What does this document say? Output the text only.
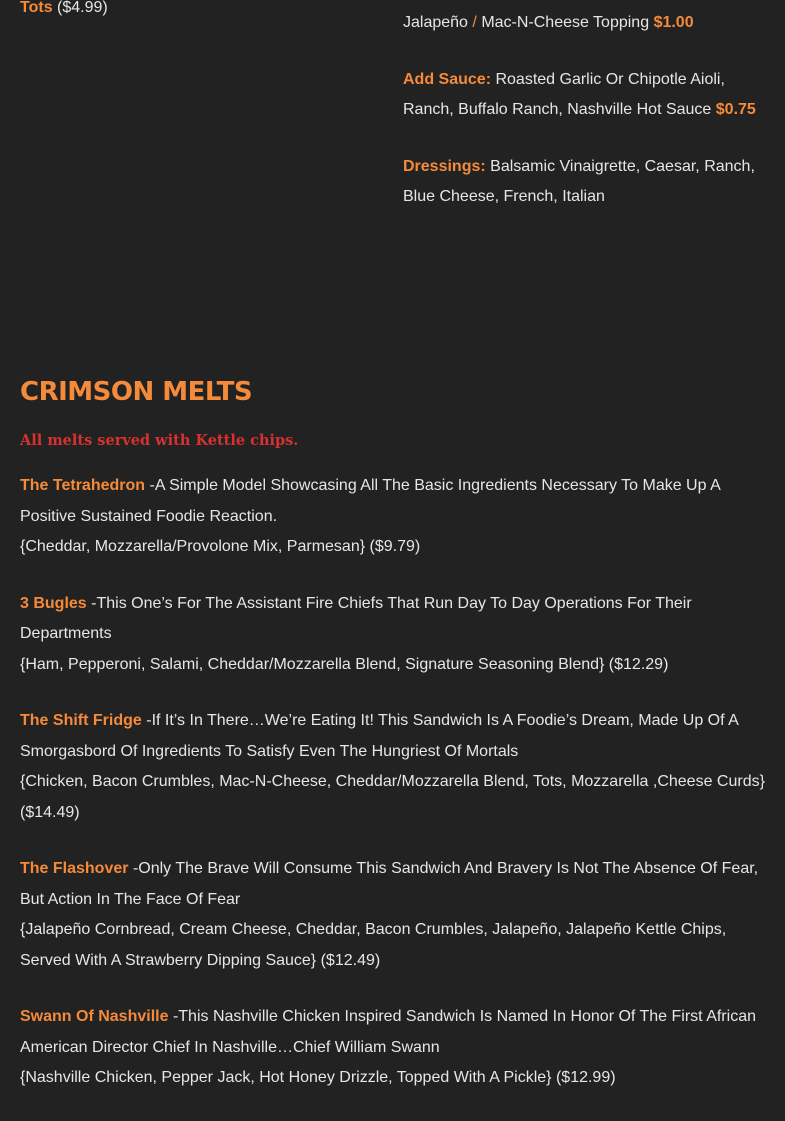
Tots ($4.99)

Jalapeño / Mac-N-Cheese Topping $1.00

Add Sauce: Roasted Garlic Or Chipotle Aioli, Ranch, Buffalo Ranch, Nashville Hot Sauce $0.75

Dressings: Balsamic Vinaigrette, Caesar, Ranch, Blue Cheese, French, Italian

CRIMSON MELTS

All melts served with Kettle chips.

The Tetrahedron -A Simple Model Showcasing All The Basic Ingredients Necessary To Make Up A Positive Sustained Foodie Reaction.
{Cheddar, Mozzarella/Provolone Mix, Parmesan} ($9.79)
3 Bugles -This One’s For The Assistant Fire Chiefs That Run Day To Day Operations For Their Departments
{Ham, Pepperoni, Salami, Cheddar/Mozzarella Blend, Signature Seasoning Blend} ($12.29)
The Shift Fridge -If It’s In There…We’re Eating It! This Sandwich Is A Foodie’s Dream, Made Up Of A Smorgasbord Of Ingredients To Satisfy Even The Hungriest Of Mortals
{Chicken, Bacon Crumbles, Mac-N-Cheese, Cheddar/Mozzarella Blend, Tots, Mozzarella ,Cheese Curds} ($14.49)
The Flashover -Only The Brave Will Consume This Sandwich And Bravery Is Not The Absence Of Fear, But Action In The Face Of Fear
{Jalapeño Cornbread, Cream Cheese, Cheddar, Bacon Crumbles, Jalapeño, Jalapeño Kettle Chips, Served With A Strawberry Dipping Sauce} ($12.49)
Swann Of Nashville -This Nashville Chicken Inspired Sandwich Is Named In Honor Of The First African American Director Chief In Nashville…Chief William Swann
{Nashville Chicken, Pepper Jack, Hot Honey Drizzle, Topped With A Pickle} ($12.99)
